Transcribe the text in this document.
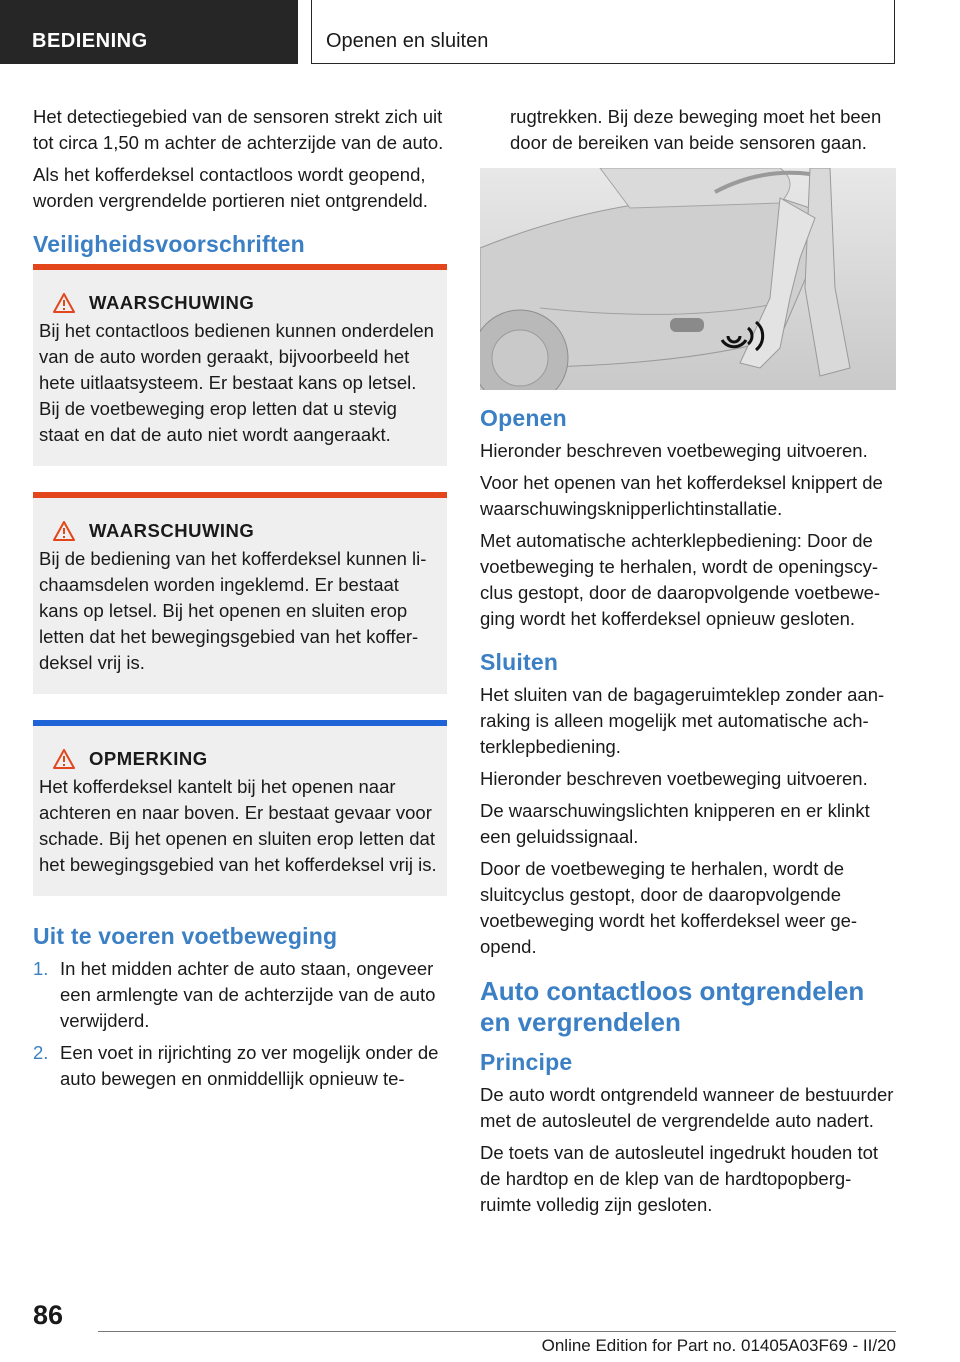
BEDIENING	Openen en sluiten

Het detectiegebied van de sensoren strekt zich uit tot circa 1,50 m achter de achterzijde van de auto.

Als het kofferdeksel contactloos wordt geopend, worden vergrendelde portieren niet ontgrendeld.

Veiligheidsvoorschriften
WAARSCHUWING

Bij het contactloos bedienen kunnen onderdelen van de auto worden geraakt, bijvoorbeeld het hete uitlaatsysteem. Er bestaat kans op letsel. Bij de voetbeweging erop letten dat u stevig staat en dat de auto niet wordt aangeraakt.

WAARSCHUWING

Bij de bediening van het kofferdeksel kunnen lichaamsdelen worden ingeklemd. Er bestaat kans op letsel. Bij het openen en sluiten erop letten dat het bewegingsgebied van het kofferdeksel vrij is.

OPMERKING

Het kofferdeksel kantelt bij het openen naar achteren en naar boven. Er bestaat gevaar voor schade. Bij het openen en sluiten erop letten dat het bewegingsgebied van het kofferdeksel vrij is.

Uit te voeren voetbeweging
1. In het midden achter de auto staan, ongeveer een armlengte van de achterzijde van de auto verwijderd.
2. Een voet in rijrichting zo ver mogelijk onder de auto bewegen en onmiddellijk opnieuw te-

rugtrekken. Bij deze beweging moet het been door de bereiken van beide sensoren gaan.

Openen

Hieronder beschreven voetbeweging uitvoeren.

Voor het openen van het kofferdeksel knippert de waarschuwingsknipperlichtinstallatie.

Met automatische achterklepbediening: Door de voetbeweging te herhalen, wordt de openingscyclus gestopt, door de daaropvolgende voetbeweging wordt het kofferdeksel opnieuw gesloten.

Sluiten

Het sluiten van de bagageruimteklep zonder aanraking is alleen mogelijk met automatische achterklepbediening.

Hieronder beschreven voetbeweging uitvoeren.

De waarschuwingslichten knipperen en er klinkt een geluidssignaal.

Door de voetbeweging te herhalen, wordt de sluitcyclus gestopt, door de daaropvolgende voetbeweging wordt het kofferdeksel weer geopend.

Auto contactloos ontgrendelen en vergrendelen
Principe

De auto wordt ontgrendeld wanneer de bestuurder met de autosleutel de vergrendelde auto nadert.

De toets van de autosleutel ingedrukt houden tot de hardtop en de klep van de hardtopopbergruimte volledig zijn gesloten.

86
Online Edition for Part no. 01405A03F69 - II/20
